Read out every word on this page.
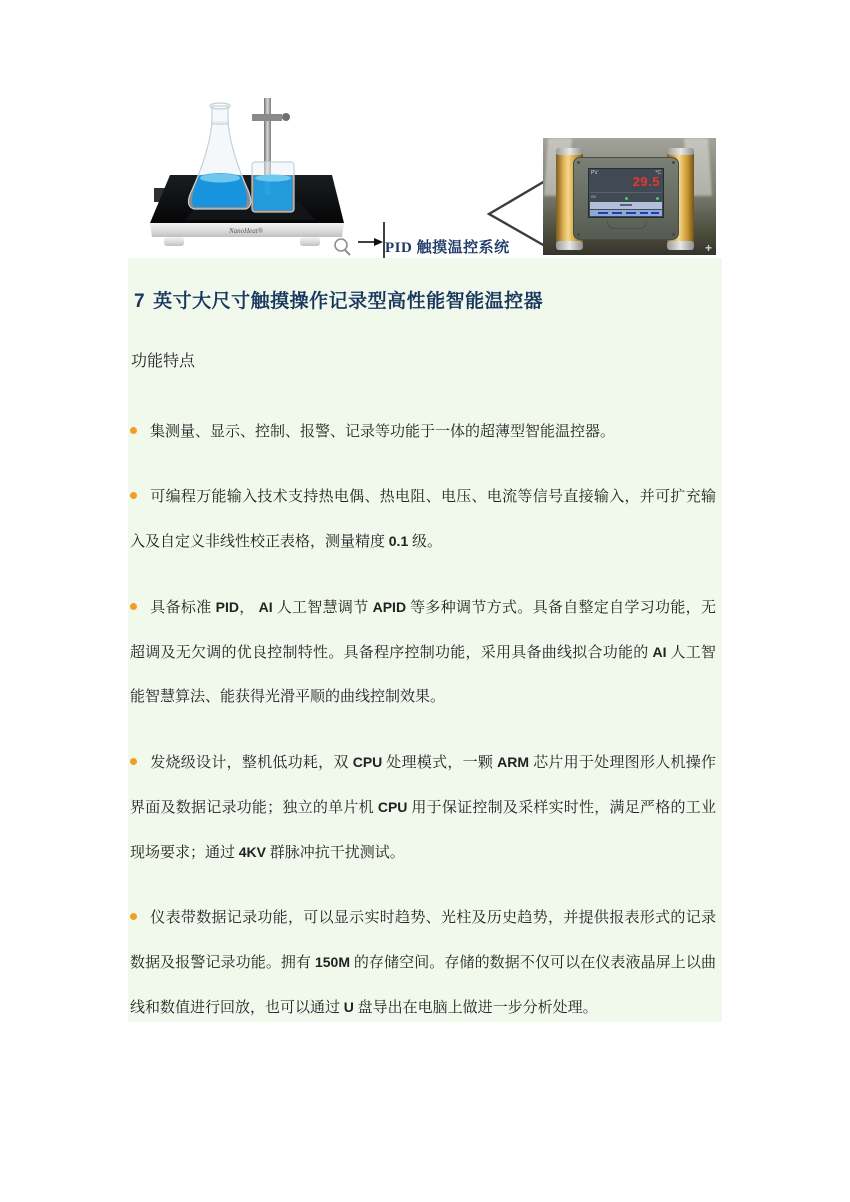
NanoHeat®
PID 触摸温控系统
PV	°C
29.5
SV
+
7 英寸大尺寸触摸操作记录型高性能智能温控器
功能特点

集测量、显示、控制、报警、记录等功能于一体的超薄型智能温控器。

可编程万能输入技术支持热电偶、热电阻、电压、电流等信号直接输入，并可扩充输入及自定义非线性校正表格，测量精度 0.1 级。

具备标准 PID， AI 人工智慧调节 APID 等多种调节方式。具备自整定自学习功能，无超调及无欠调的优良控制特性。具备程序控制功能，采用具备曲线拟合功能的 AI 人工智能智慧算法、能获得光滑平顺的曲线控制效果。

发烧级设计，整机低功耗，双 CPU 处理模式，一颗 ARM 芯片用于处理图形人机操作界面及数据记录功能；独立的单片机 CPU 用于保证控制及采样实时性，满足严格的工业现场要求；通过 4KV 群脉冲抗干扰测试。

仪表带数据记录功能，可以显示实时趋势、光柱及历史趋势，并提供报表形式的记录数据及报警记录功能。拥有 150M 的存储空间。存储的数据不仅可以在仪表液晶屏上以曲线和数值进行回放，也可以通过 U 盘导出在电脑上做进一步分析处理。
